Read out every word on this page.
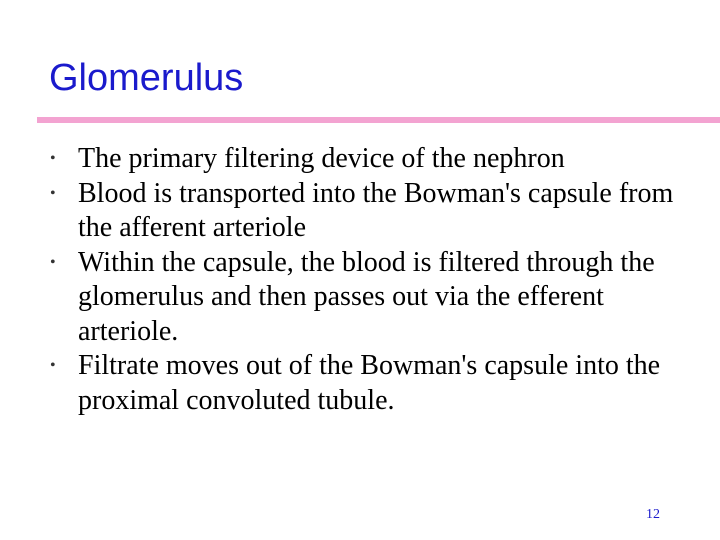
Glomerulus
• The primary filtering device of the nephron
• Blood is transported into the Bowman's capsule from the afferent arteriole
• Within the capsule, the blood is filtered through the glomerulus and then passes out via the efferent arteriole.
• Filtrate moves out of the Bowman's capsule into the proximal convoluted tubule.
12
